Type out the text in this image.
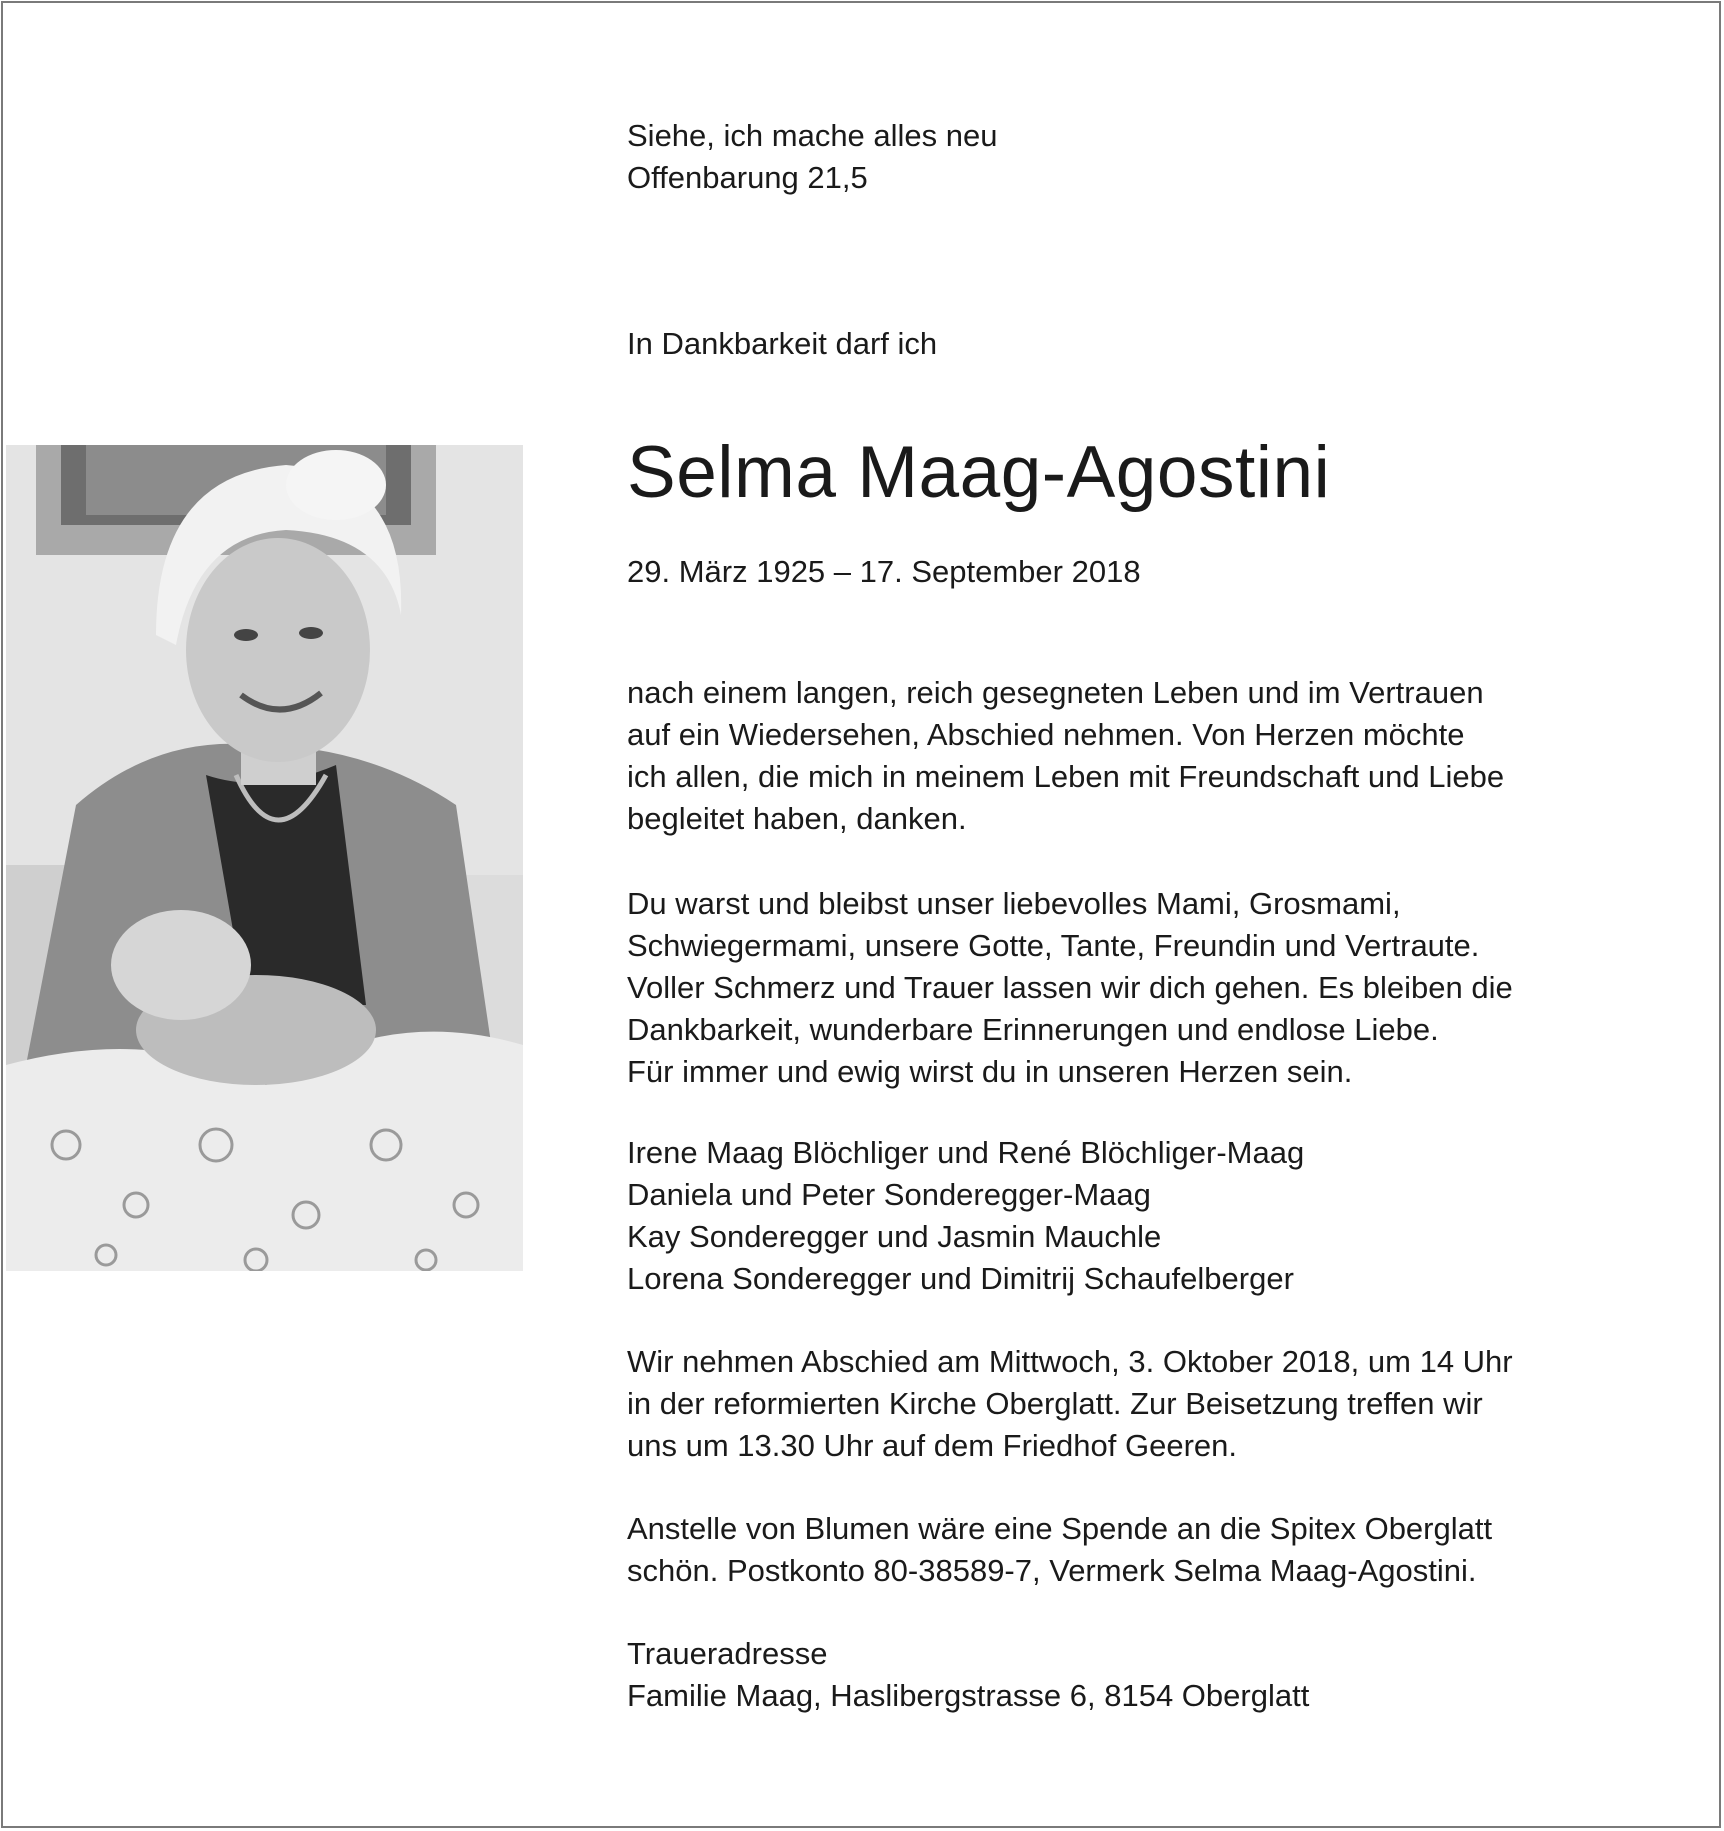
Siehe, ich mache alles neu
Offenbarung 21,5
In Dankbarkeit darf ich
Selma Maag-Agostini
29. März 1925 – 17. September 2018
nach einem langen, reich gesegneten Leben und im Vertrauen
auf ein Wiedersehen, Abschied nehmen. Von Herzen möchte
ich allen, die mich in meinem Leben mit Freundschaft und Liebe
begleitet haben, danken.
Du warst und bleibst unser liebevolles Mami, Grosmami,
Schwiegermami, unsere Gotte, Tante, Freundin und Vertraute.
Voller Schmerz und Trauer lassen wir dich gehen. Es bleiben die
Dankbarkeit, wunderbare Erinnerungen und endlose Liebe.
Für immer und ewig wirst du in unseren Herzen sein.
Irene Maag Blöchliger und René Blöchliger-Maag
Daniela und Peter Sonderegger-Maag
Kay Sonderegger und Jasmin Mauchle
Lorena Sonderegger und Dimitrij Schaufelberger
Wir nehmen Abschied am Mittwoch, 3. Oktober 2018, um 14 Uhr
in der reformierten Kirche Oberglatt. Zur Beisetzung treffen wir
uns um 13.30 Uhr auf dem Friedhof Geeren.
Anstelle von Blumen wäre eine Spende an die Spitex Oberglatt
schön. Postkonto 80-38589-7, Vermerk Selma Maag-Agostini.
Traueradresse
Familie Maag, Haslibergstrasse 6, 8154 Oberglatt
